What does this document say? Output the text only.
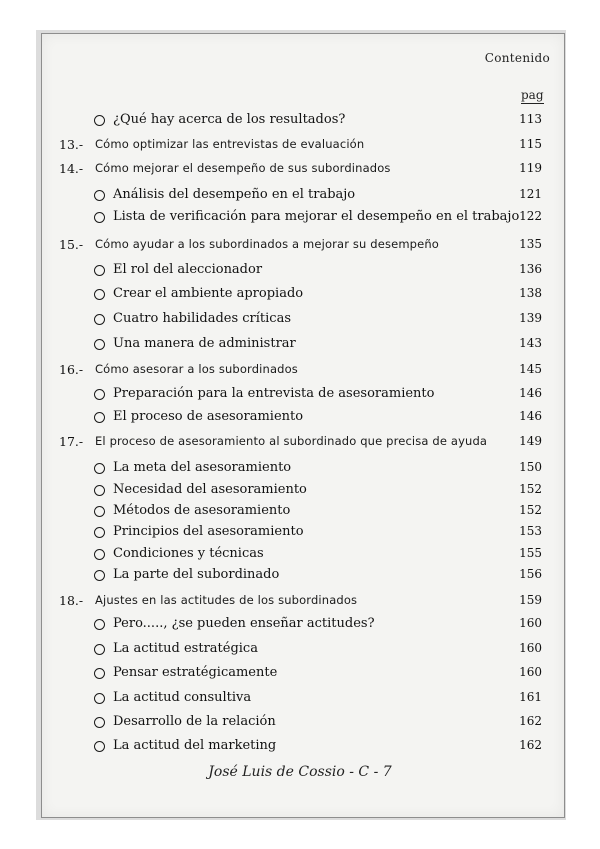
Contenido
pag
¿Qué hay acerca de los resultados?	113
13.- Cómo optimizar las entrevistas de evaluación	115
14.- Cómo mejorar el desempeño de sus subordinados	119
Análisis del desempeño en el trabajo	121
Lista de verificación para mejorar el desempeño en el trabajo 122
15.- Cómo ayudar a los subordinados a mejorar su desempeño	135
El rol del aleccionador	136
Crear el ambiente apropiado	138
Cuatro habilidades críticas	139
Una manera de administrar	143
16.- Cómo asesorar a los subordinados	145
Preparación para la entrevista de asesoramiento	146
El proceso de asesoramiento	146
17.- El proceso de asesoramiento al subordinado que precisa de ayuda	149
La meta del asesoramiento	150
Necesidad del asesoramiento	152
Métodos de asesoramiento	152
Principios del asesoramiento	153
Condiciones y técnicas	155
La parte del subordinado	156
18.- Ajustes en las actitudes de los subordinados	159
Pero....., ¿se pueden enseñar actitudes?	160
La actitud estratégica	160
Pensar estratégicamente	160
La actitud consultiva	161
Desarrollo de la relación	162
La actitud del marketing	162
José Luis de Cossio - C - 7
